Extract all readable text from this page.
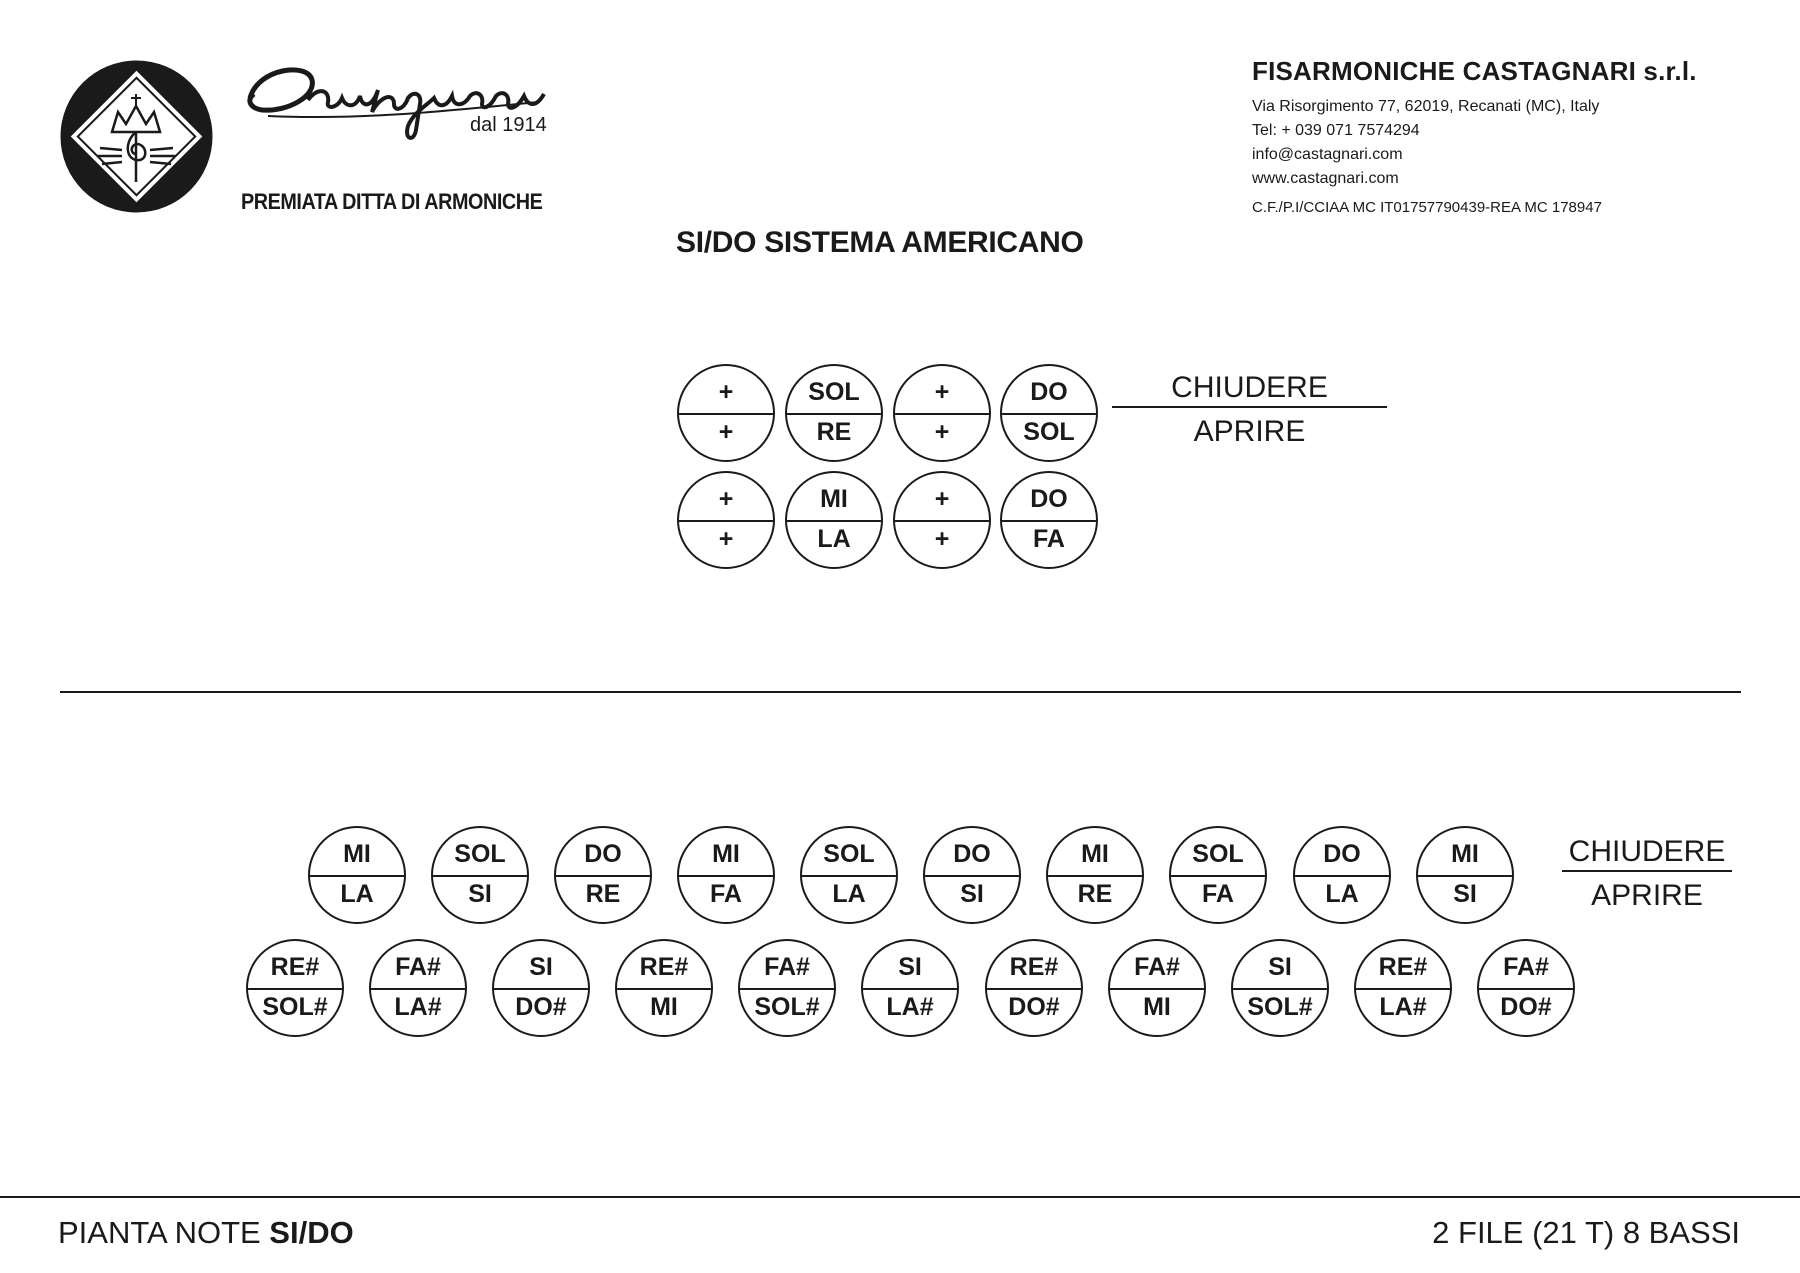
dal 1914
PREMIATA DITTA DI ARMONICHE
FISARMONICHE CASTAGNARI s.r.l.
Via Risorgimento 77, 62019, Recanati (MC), Italy
Tel: + 039 071 7574294
info@castagnari.com
www.castagnari.com
C.F./P.I/CCIAA MC IT01757790439-REA MC 178947
SI/DO SISTEMA AMERICANO
+
+
SOL
RE
+
+
DO
SOL
+
+
MI
LA
+
+
DO
FA
CHIUDERE
APRIRE
MI
LA
SOL
SI
DO
RE
MI
FA
SOL
LA
DO
SI
MI
RE
SOL
FA
DO
LA
MI
SI
RE#
SOL#
FA#
LA#
SI
DO#
RE#
MI
FA#
SOL#
SI
LA#
RE#
DO#
FA#
MI
SI
SOL#
RE#
LA#
FA#
DO#
CHIUDERE
APRIRE
PIANTA NOTE SI/DO	2 FILE (21 T) 8 BASSI
